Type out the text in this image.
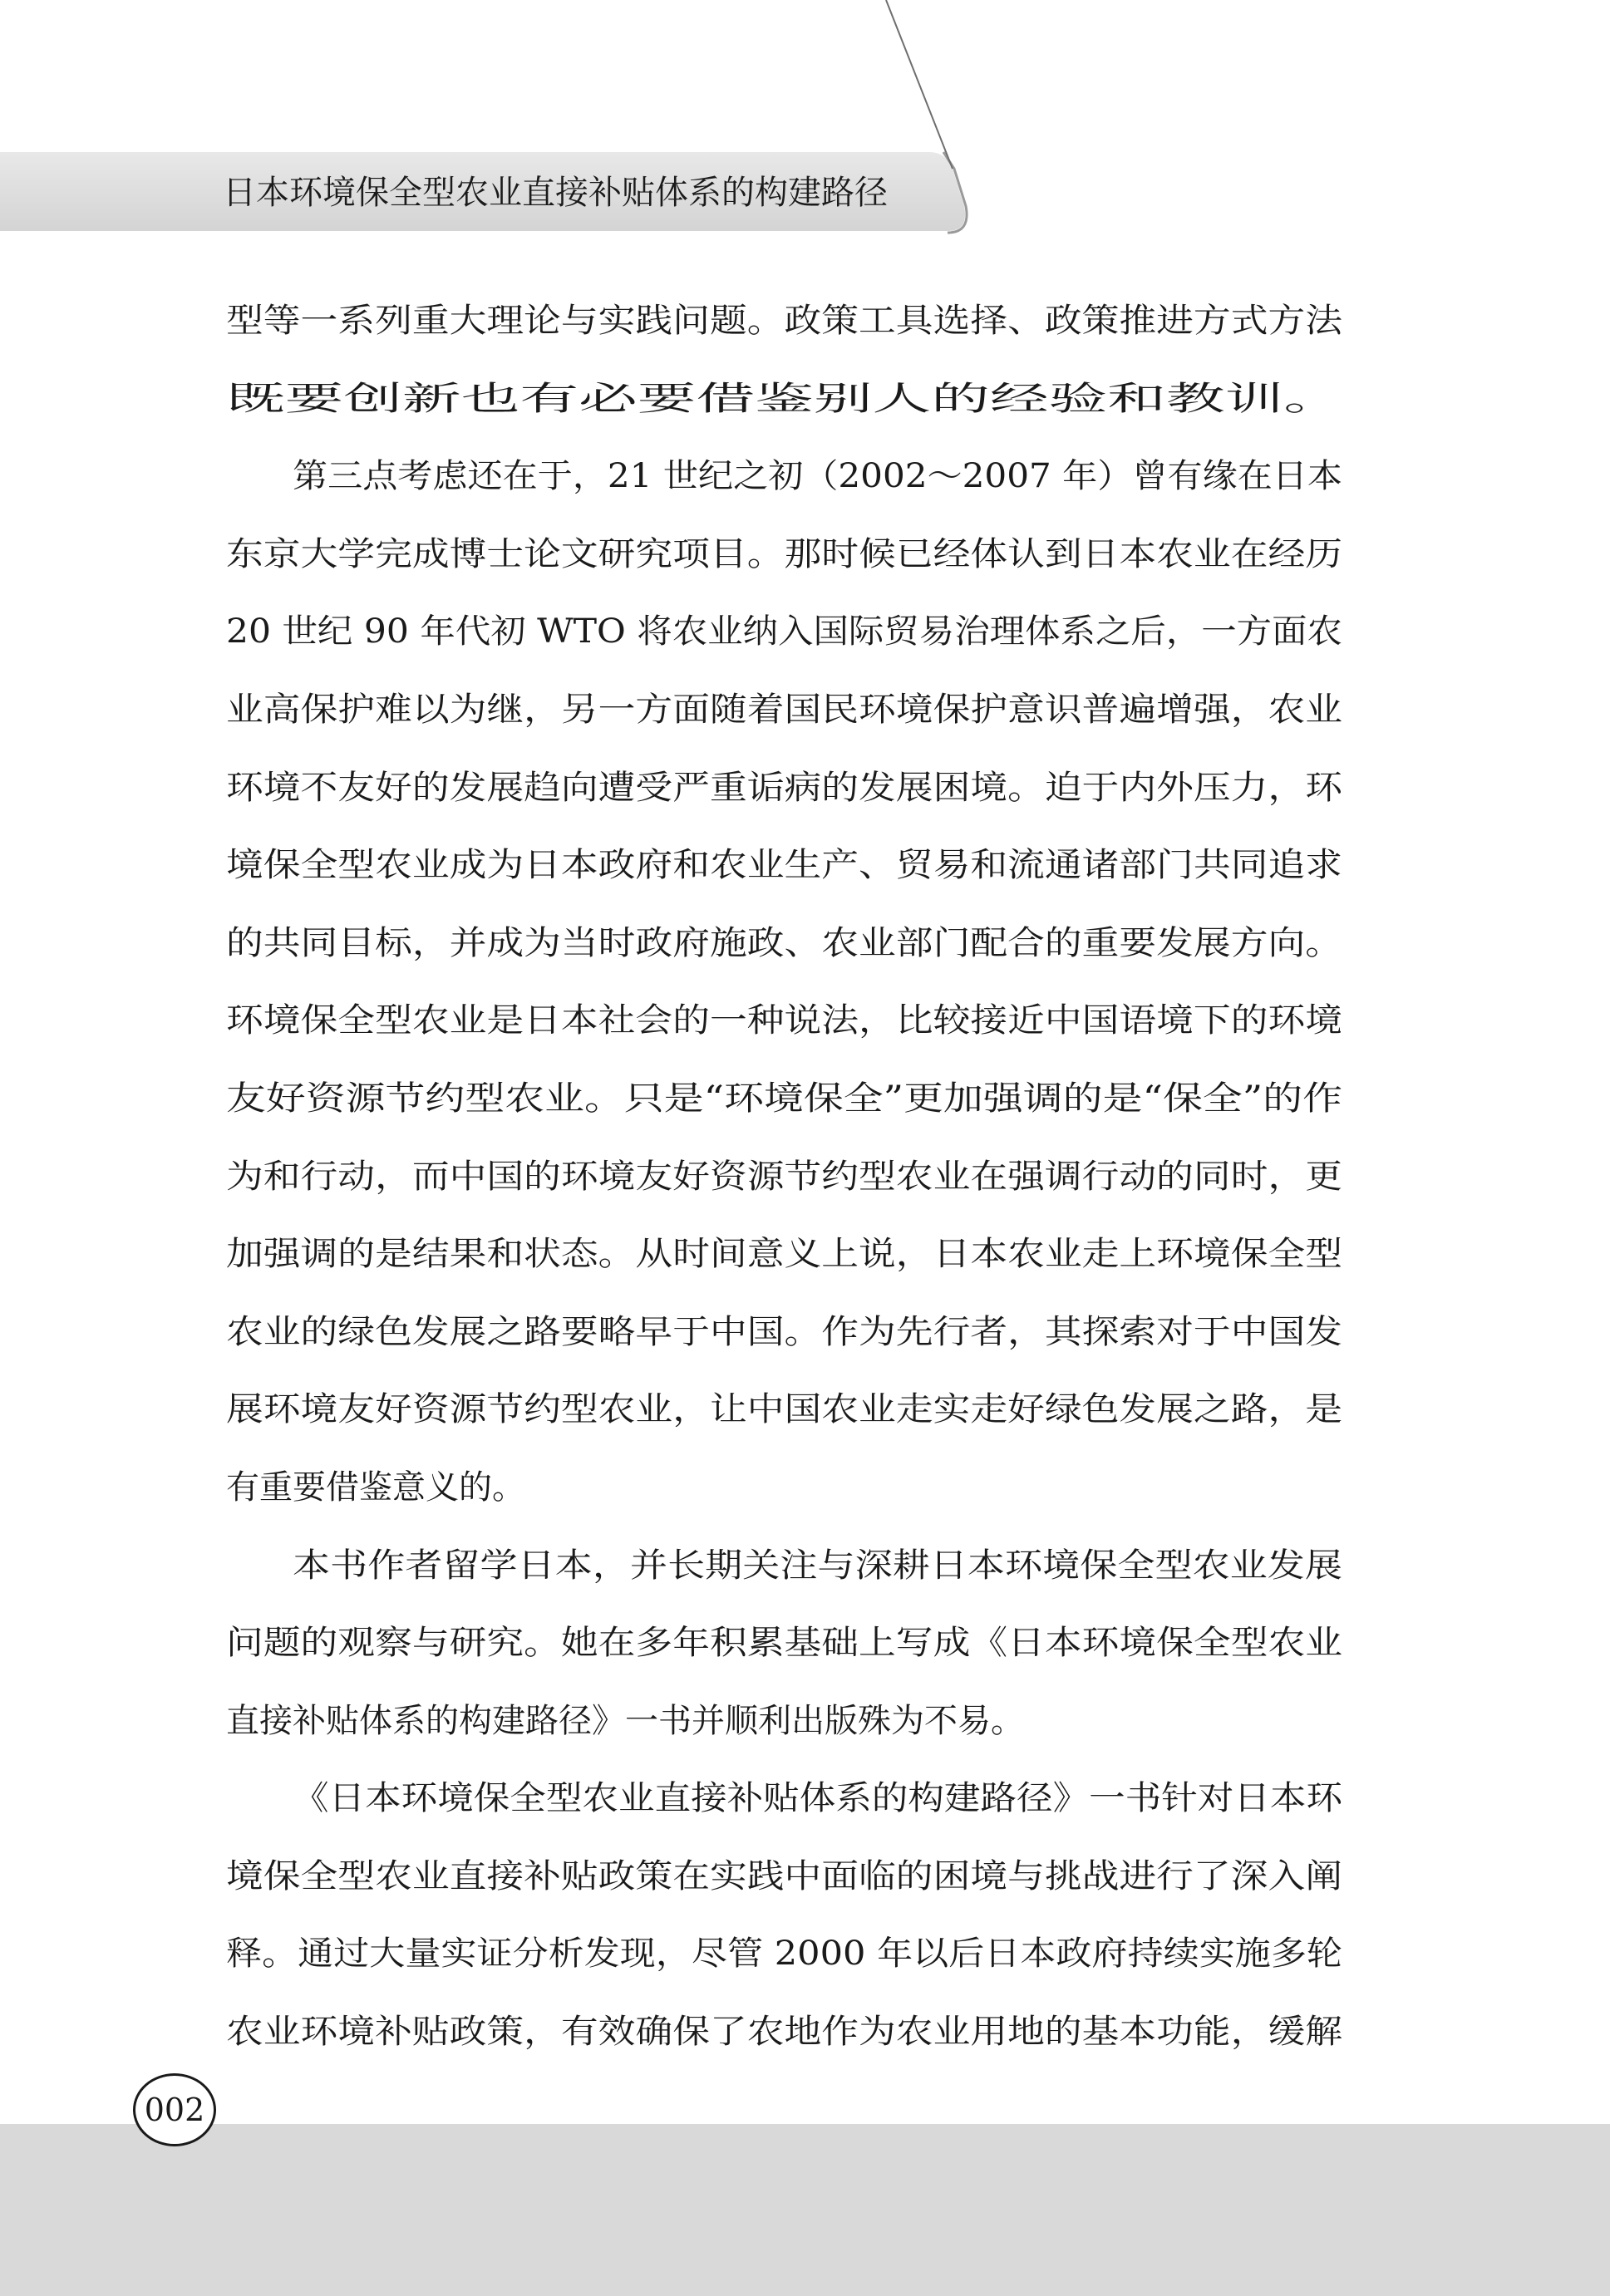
日本环境保全型农业直接补贴体系的构建路径
型等一系列重大理论与实践问题。政策工具选择、政策推进方式方法
既要创新也有必要借鉴别人的经验和教训。
第三点考虑还在于，21 世纪之初（2002～2007 年）曾有缘在日本
东京大学完成博士论文研究项目。那时候已经体认到日本农业在经历
20 世纪 90 年代初 WTO 将农业纳入国际贸易治理体系之后，一方面农
业高保护难以为继，另一方面随着国民环境保护意识普遍增强，农业
环境不友好的发展趋向遭受严重诟病的发展困境。迫于内外压力，环
境保全型农业成为日本政府和农业生产、贸易和流通诸部门共同追求
的共同目标，并成为当时政府施政、农业部门配合的重要发展方向。
环境保全型农业是日本社会的一种说法，比较接近中国语境下的环境
友好资源节约型农业。只是“环境保全”更加强调的是“保全”的作
为和行动，而中国的环境友好资源节约型农业在强调行动的同时，更
加强调的是结果和状态。从时间意义上说，日本农业走上环境保全型
农业的绿色发展之路要略早于中国。作为先行者，其探索对于中国发
展环境友好资源节约型农业，让中国农业走实走好绿色发展之路，是
有重要借鉴意义的。
本书作者留学日本，并长期关注与深耕日本环境保全型农业发展
问题的观察与研究。她在多年积累基础上写成《日本环境保全型农业
直接补贴体系的构建路径》一书并顺利出版殊为不易。
《日本环境保全型农业直接补贴体系的构建路径》一书针对日本环
境保全型农业直接补贴政策在实践中面临的困境与挑战进行了深入阐
释。通过大量实证分析发现，尽管 2000 年以后日本政府持续实施多轮
农业环境补贴政策，有效确保了农地作为农业用地的基本功能，缓解
002
